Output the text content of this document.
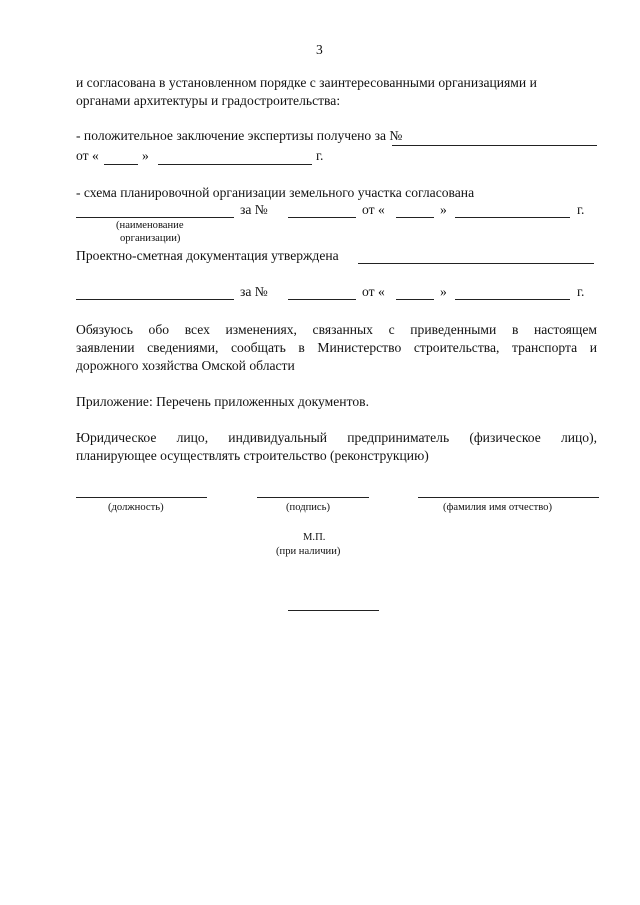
3
и согласована в установленном порядке с заинтересованными организациями и
органами архитектуры и градостроительства:
- положительное заключение экспертизы получено за №
от «	»	г.
- схема планировочной организации земельного участка согласована
за №	от «	»	г.
(наименование
организации)
Проектно-сметная документация утверждена
за №	от «	»	г.
Обязуюсь обо всех изменениях, связанных с приведенными в настоящем
заявлении сведениями, сообщать в Министерство строительства, транспорта и
дорожного хозяйства Омской области
Приложение: Перечень приложенных документов.
Юридическое лицо, индивидуальный предприниматель (физическое лицо),
планирующее осуществлять строительство (реконструкцию)
(должность)	(подпись)	(фамилия имя отчество)
М.П.
(при наличии)
